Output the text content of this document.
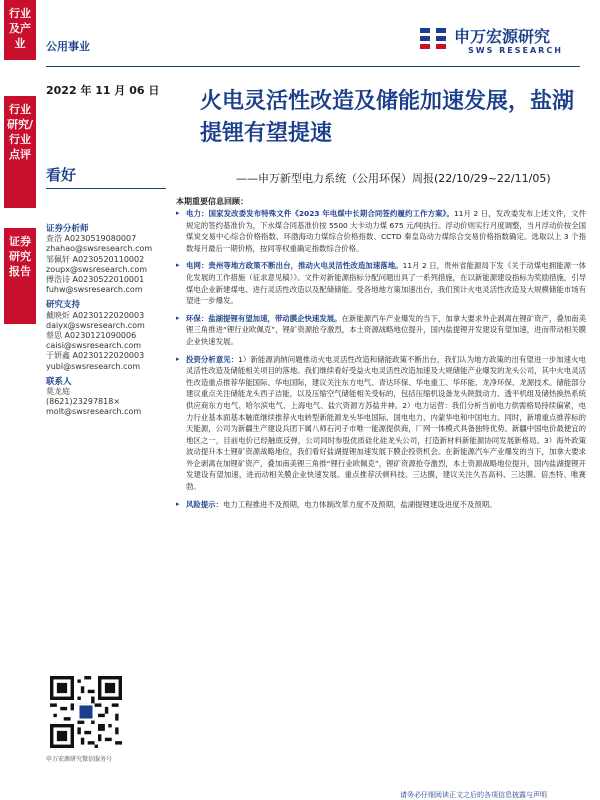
行业
及产
业
行业
研究/
行业
点评
证券
研究
报告
公用事业
申万宏源研究
SWS RESEARCH
2022 年 11 月 06 日 火电灵活性改造及储能加速发展，盐湖提锂有望提速
看好	——申万新型电力系统（公用环保）周报(22/10/29~22/11/05)
本期重要信息回顾：
证券分析师
查浩 A0230519080007
zhahao@swsresearch.com
邹佩轩 A0230520110002
zoupx@swsresearch.com
傅浩诗 A0230522010001
fuhw@swsresearch.com
研究支持
戴映炘 A0230122020003
daiyx@swsresearch.com
蔡思 A0230121090006
caisi@swsresearch.com
于妍鑫 A0230122020003
yubl@swsresearch.com
联系人
莫龙庭
(8621)23297818×
molt@swsresearch.com
▸ 电力：国家发改委发布特殊文件《2023 年电煤中长期合同签约履约工作方案》。11月 2 日，发改委发布上述文件，文件规定的签约基准价为，下水煤合同基准价按 5500 大卡动力煤 675 元/吨执行。浮动价则实行月度调整，当月浮动价按全国煤炭交易中心综合价格指数、环渤海动力煤综合价格指数、CCTD 秦皇岛动力煤综合交易价格指数确定。选取以上 3 个指数每月最后一期价格，按同等权重确定指数综合价格。
▸ 电网：贵州等地方政策不断出台，推动火电灵活性改造加速落地。11月 2 日，贵州省能源局下发《关于动煤电拥能源一体化发展的工作措施（征求意见稿）》。文件对新能源指标分配问题出具了一系列措施，在以新能源建设指标为奖励措施，引导煤电企业新建煤电、进行灵活性改造以及配储储能。受各地地方策加速出台，我们预计火电灵活性改造及大规模储能市场有望进一步爆发。
▸ 环保：盐湖提锂有望加速，带动膜企快速发展。在新能源汽车产业爆发的当下，加拿大要求外企剥离在锂矿资产，叠加南美锂三角推进“锂行业欧佩克”，锂矿资源抢夺激烈，本土资源战略地位提升，国内盐提锂开发建设有望加速，进而带动相关膜企业快速发展。
▸ 投资分析意见：1）新能源消纳问题推动火电灵活性改造和储能政策不断出台，我们认为地方政策的出有望进一步加速火电灵活性改造及储能相关项目的落地。我们继续看好受益火电灵活性改造加速及大规储能产业爆发的龙头公司，其中火电灵活性改造重点推荐华能国际、华电国际，建议关注东方电气、青达环保、华电重工、华环能、龙净环保、龙源技术。储能部分建议重点关注储能龙头西子洁能，以及压缩空气储能相关受标的，包括压缩机设备龙头陕鼓动力、透平机组及储热换热系统供应商东方电气、哈尔滨电气、上海电气、盐穴资源方苏盐井神。2）电力运营：我们分析当前电力供需格局持续偏紧，电力行业基本面基本触底继续推荐火电转型新能源龙头华电国际、国电电力、内蒙华电和中国电力。同时，新增重点推荐标的天能源，公司为新疆生产建设兵团下属八师石河子市唯一能源提供商，厂网一体模式具备独特优势。新疆中国电价最便宜的地区之一，目前电价已经触底反弹，公司同时参股优质硅化硅龙头公司，打造新材料新能源协同发展新格局。3）海外政策波动提升本土锂矿资源战略地位，我们看好盐湖提锂加速发展下膜企投资机会。在新能源汽车产业爆发的当下，加拿大要求外企剥离在加锂矿资产，叠加南美锂三角推“锂行业欧佩克”，锂矿资源抢夺激烈，本土资源战略地位提升，国内盐湖提锂开发建设有望加速，进而动相关膜企业快速发展。重点推荐沃顿科技、三达膜，建议关注久吾高科、三达膜、倍杰特、唯赛勃。
▸ 风险提示：电力工程推进不及预期，电力体制改革力度不及预期，盐湖提锂建设进度不及预期。
申万宏源研究微信服务号
请务必仔细阅读正文之后的各项信息披露与声明
